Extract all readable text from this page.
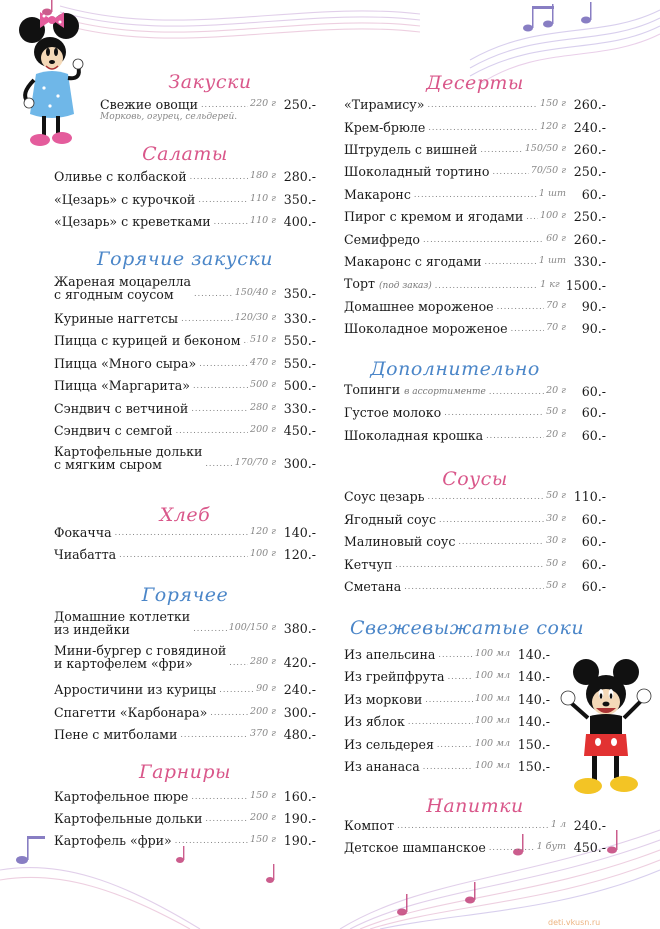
deti.vkusn.ru
Закуски
Свежие овощи .....	220 г 250.-
Морковь, огурец, сельдерей.
Салаты
Оливье с колбаской .....	180 г 280.-
«Цезарь» с курочкой .....	110 г 350.-
«Цезарь» с креветками .....	110 г 400.-
Горячие закуски
Жареная моцарелла
с ягодным соусом .....	150/40 г 350.-
Куриные наггетсы .....	120/30 г 330.-
Пицца с курицей и беконом ..... 510 г 550.-
Пицца «Много сыра» .....	470 г 550.-
Пицца «Маргарита» .....	500 г 500.-
Сэндвич с ветчиной .....	280 г 330.-
Сэндвич с семгой .....	200 г 450.-
Картофельные дольки
с мягким сыром .....	170/70 г 300.-
Хлеб
Фокачча .....	120 г 140.-
Чиабатта .....	100 г 120.-
Горячее
Домашние котлетки
из индейки .....	100/150 г 380.-
Мини-бургер с говядиной
и картофелем «фри» .....	280 г 420.-
Арростичини из курицы .....	90 г 240.-
Спагетти «Карбонара» .....	200 г 300.-
Пене с митболами .....	370 г 480.-
Гарниры
Картофельное пюре .....	150 г 160.-
Картофельные дольки .....	200 г 190.-
Картофель «фри» .....	150 г 190.-
Десерты
«Тирамису» .....	150 г 260.-
Крем-брюле .....	120 г 240.-
Штрудель с вишней .....	150/50 г 260.-
Шоколадный тортино .....	70/50 г 250.-
Макаронс .....	1 шт	60.-
Пирог с кремом и ягодами ..... 100 г 250.-
Семифредо .....	60 г 260.-
Макаронс с ягодами .....	1 шт 330.-
Торт (под заказ) .....	1 кг 1500.-
Домашнее мороженое .....	70 г	90.-
Шоколадное мороженое .....	70 г	90.-
Дополнительно
Топинги в ассортименте .....	20 г	60.-
Густое молоко .....	50 г	60.-
Шоколадная крошка .....	20 г	60.-
Соусы
Соус цезарь .....	50 г 110.-
Ягодный соус .....	30 г	60.-
Малиновый соус .....	30 г	60.-
Кетчуп .....	50 г	60.-
Сметана .....	50 г	60.-
Свежевыжатые соки
Из апельсина .....	100 мл 140.-
Из грейпфрута .....	100 мл 140.-
Из моркови .....	100 мл 140.-
Из яблок .....	100 мл 140.-
Из сельдерея .....	100 мл 150.-
Из ананаса .....	100 мл 150.-
Напитки
Компот .....	1 л 240.-
Детское шампанское .....	1 бут 450.-
